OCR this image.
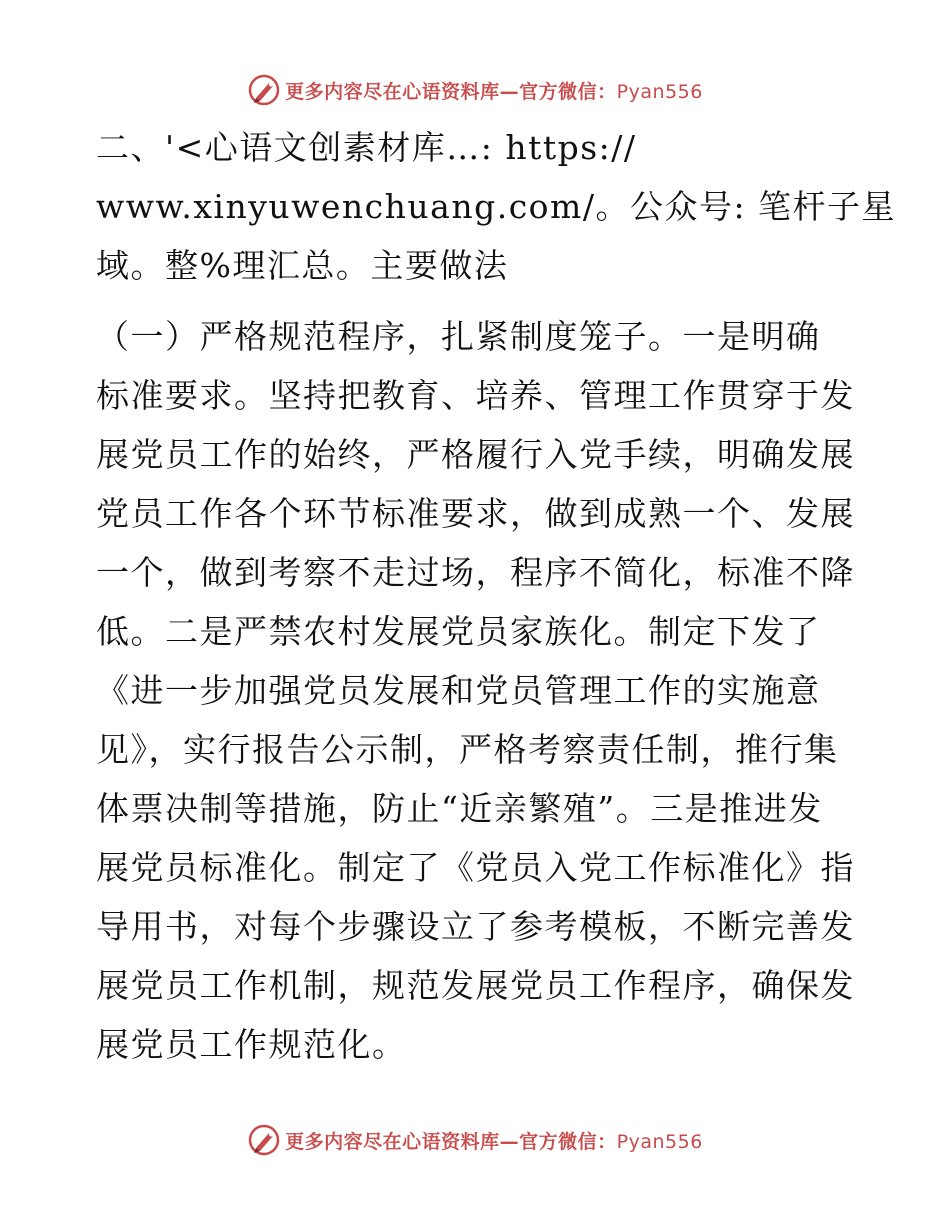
更多内容尽在心语资料库—官方微信：Pyan556

二、'<心语文创素材库…: https://
www.xinyuwenchuang.com/。公众号: 笔杆子星
域。整%理汇总。主要做法

（一）严格规范程序，扎紧制度笼子。一是明确
标准要求。坚持把教育、培养、管理工作贯穿于发
展党员工作的始终，严格履行入党手续，明确发展
党员工作各个环节标准要求，做到成熟一个、发展
一个，做到考察不走过场，程序不简化，标准不降
低。二是严禁农村发展党员家族化。制定下发了
《进一步加强党员发展和党员管理工作的实施意
见》，实行报告公示制，严格考察责任制，推行集
体票决制等措施，防止“近亲繁殖”。三是推进发
展党员标准化。制定了《党员入党工作标准化》指
导用书，对每个步骤设立了参考模板，不断完善发
展党员工作机制，规范发展党员工作程序，确保发
展党员工作规范化。

更多内容尽在心语资料库—官方微信：Pyan556
